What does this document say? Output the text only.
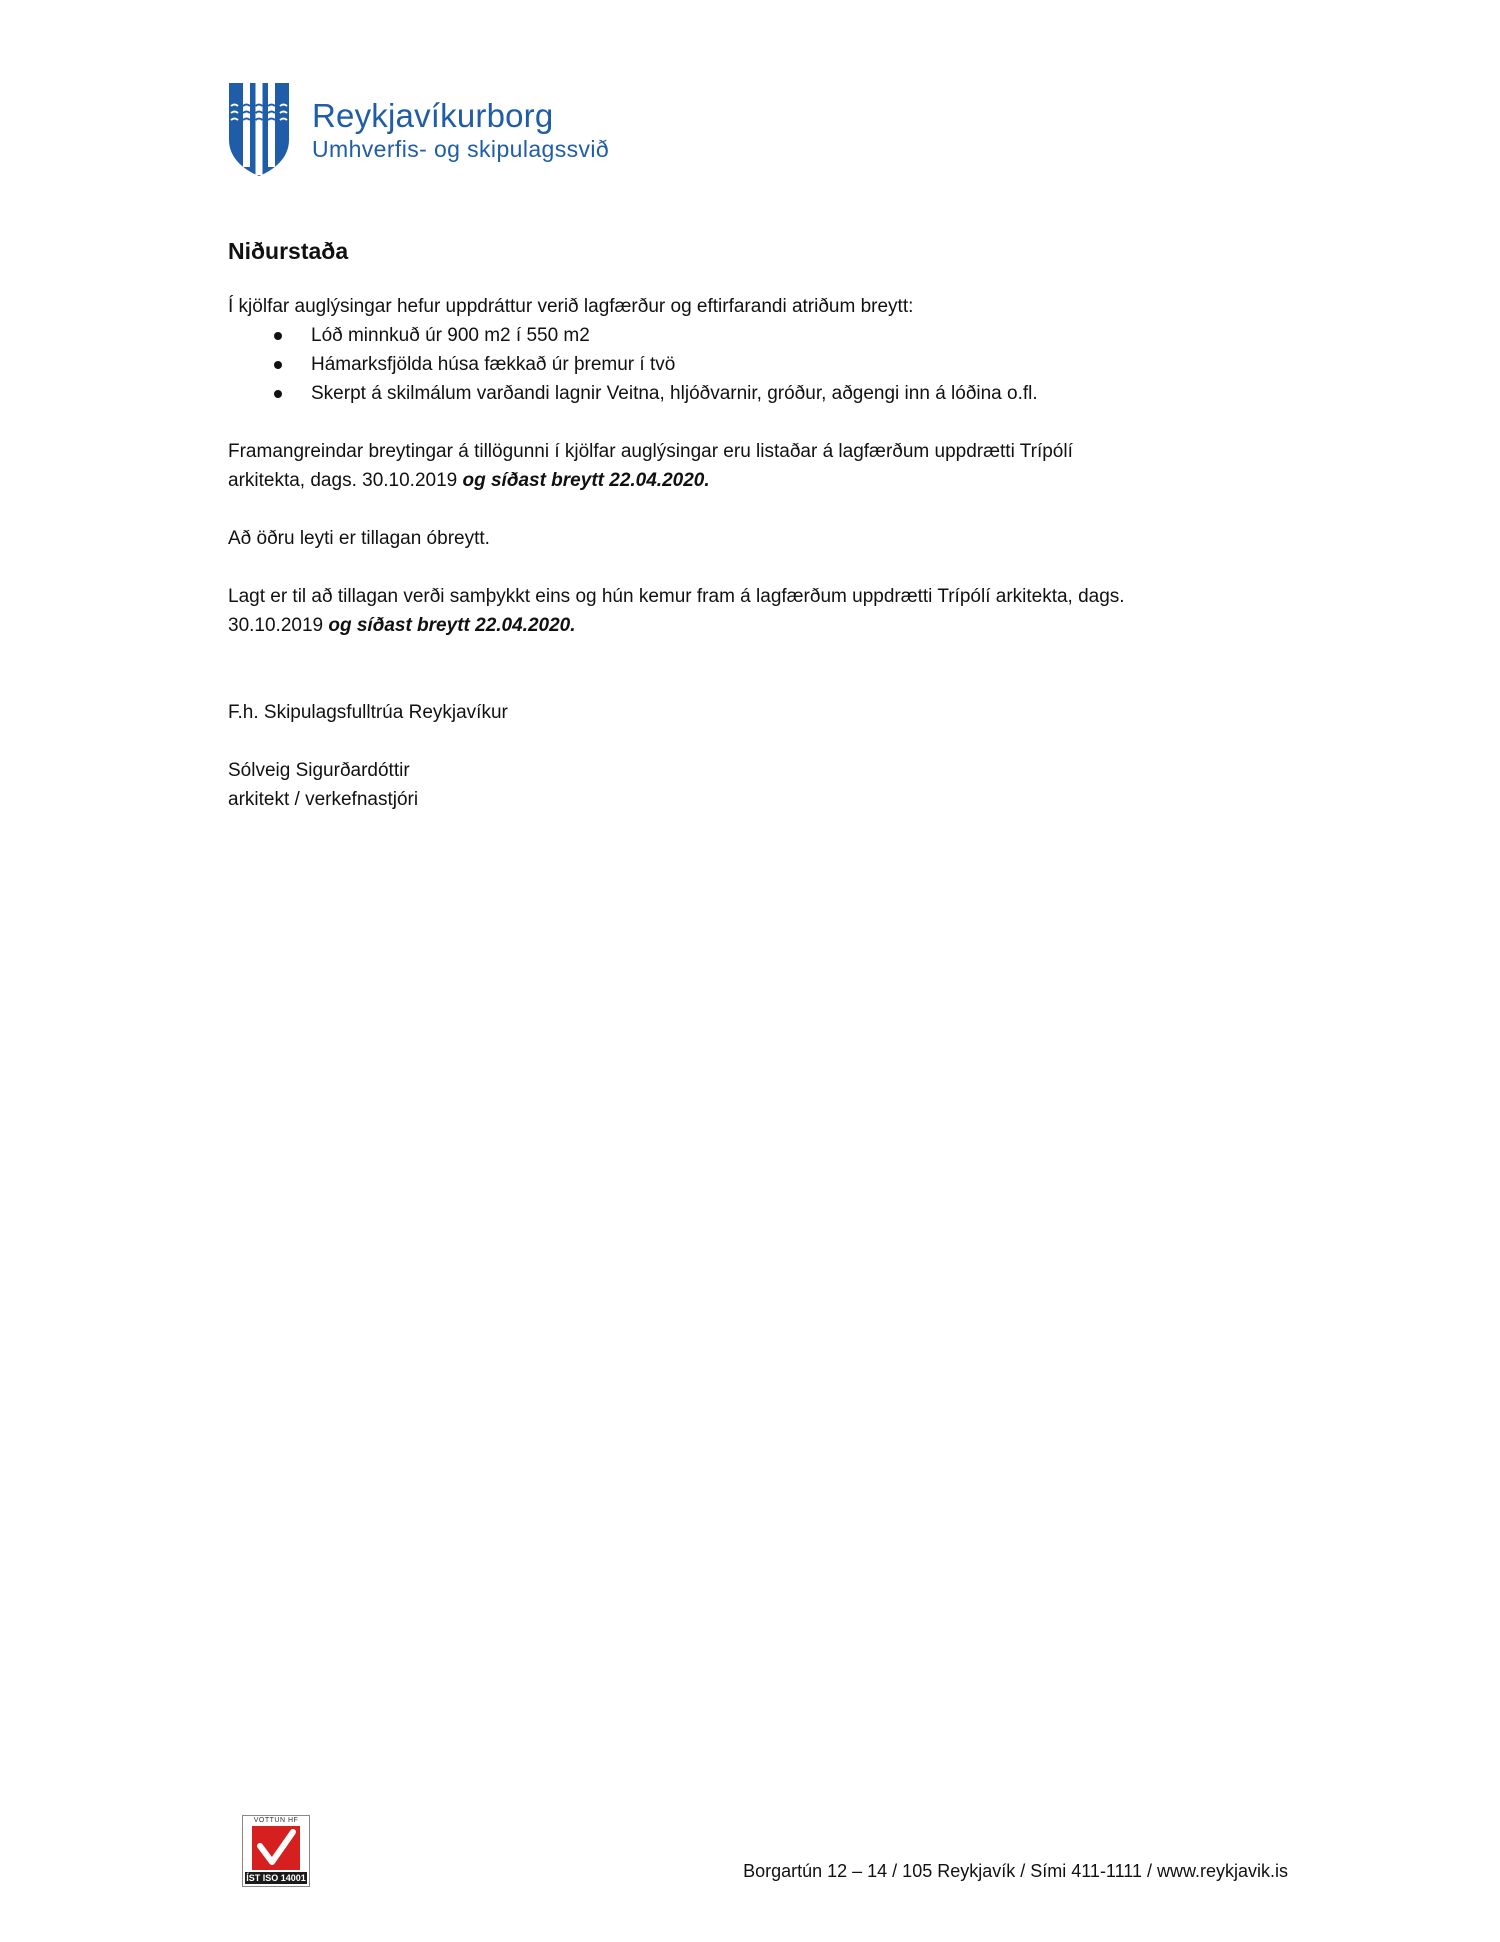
Reykjavíkurborg
Umhverfis- og skipulagssvið
Niðurstaða

Í kjölfar auglýsingar hefur uppdráttur verið lagfærður og eftirfarandi atriðum breytt:

Lóð minnkuð úr 900 m2 í 550 m2
Hámarksfjölda húsa fækkað úr þremur í tvö
Skerpt á skilmálum varðandi lagnir Veitna, hljóðvarnir, gróður, aðgengi inn á lóðina o.fl.

Framangreindar breytingar á tillögunni í kjölfar auglýsingar eru listaðar á lagfærðum uppdrætti Trípólí
arkitekta, dags. 30.10.2019 og síðast breytt 22.04.2020.

Að öðru leyti er tillagan óbreytt.

Lagt er til að tillagan verði samþykkt eins og hún kemur fram á lagfærðum uppdrætti Trípólí arkitekta, dags.
30.10.2019 og síðast breytt 22.04.2020.

F.h. Skipulagsfulltrúa Reykjavíkur

Sólveig Sigurðardóttir

arkitekt / verkefnastjóri

VOTTUN HF
ÍST ISO 14001	Borgartún 12 – 14 / 105 Reykjavík / Sími 411-1111 / www.reykjavik.is
